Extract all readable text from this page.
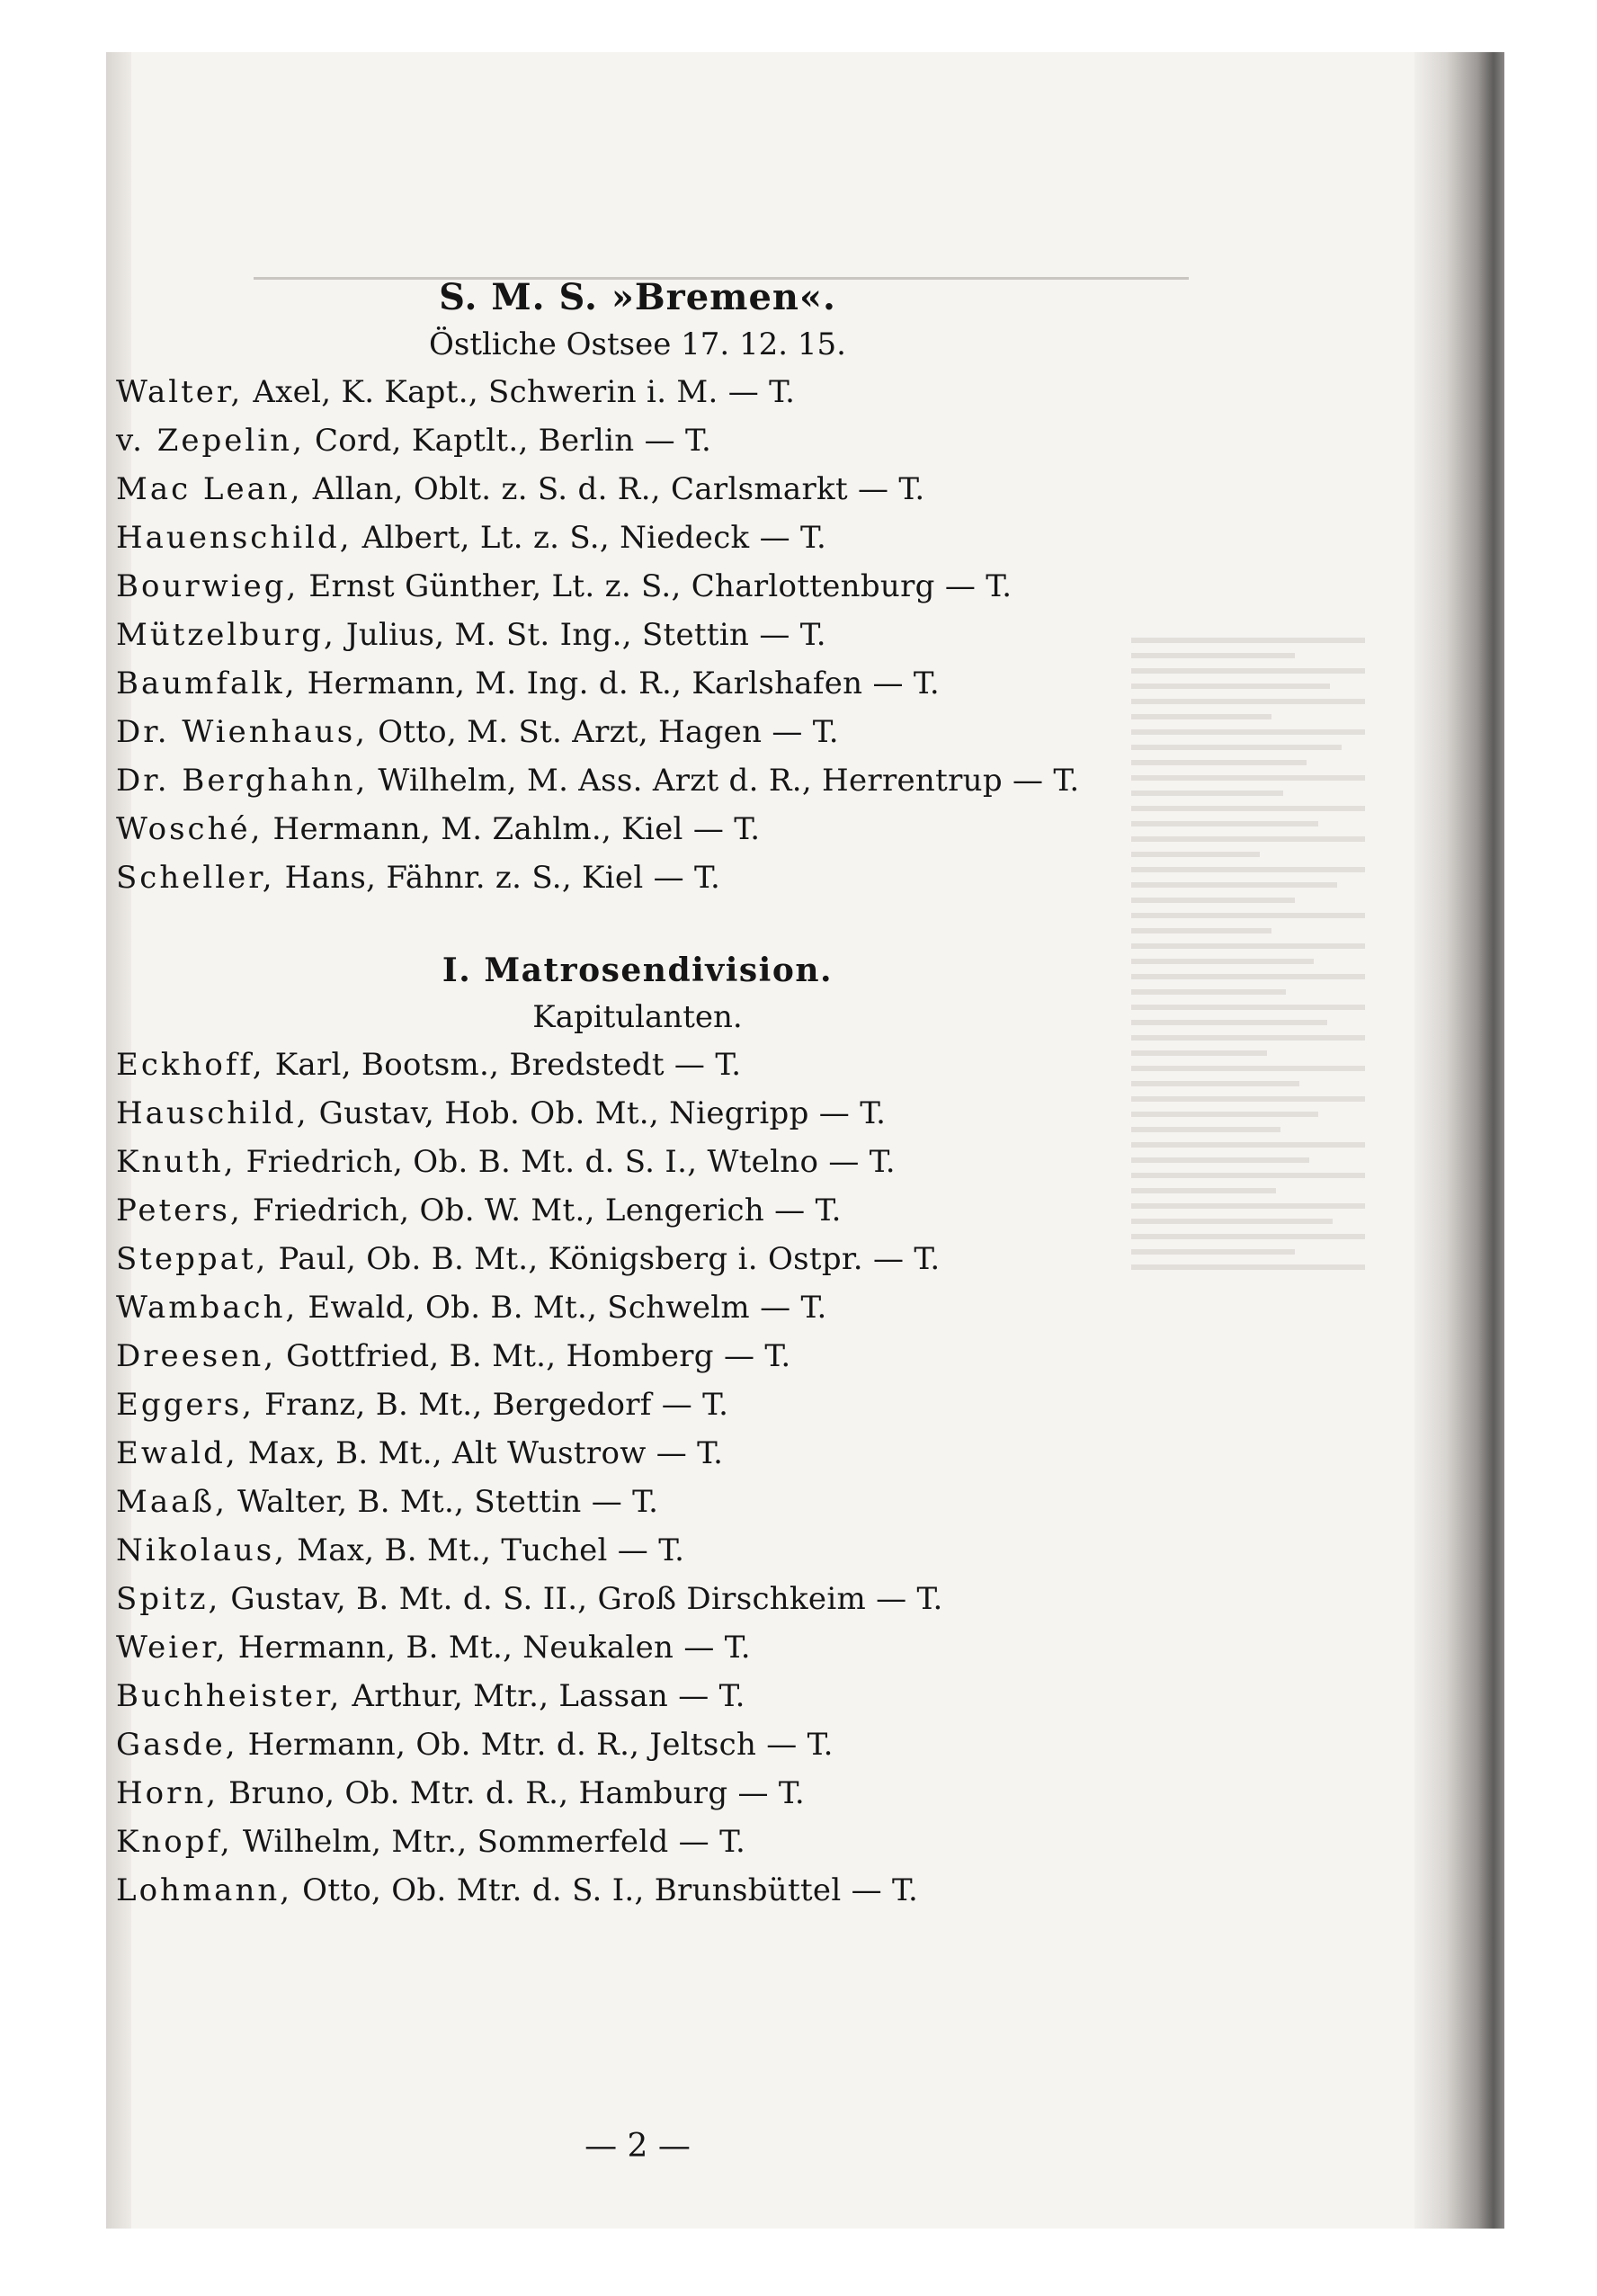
S. M. S. »Bremen«.

Östliche Ostsee 17. 12. 15.

Walter, Axel, K. Kapt., Schwerin i. M. — T.
v. Zepelin, Cord, Kaptlt., Berlin — T.
Mac Lean, Allan, Oblt. z. S. d. R., Carlsmarkt — T.
Hauenschild, Albert, Lt. z. S., Niedeck — T.
Bourwieg, Ernst Günther, Lt. z. S., Charlottenburg — T.
Mützelburg, Julius, M. St. Ing., Stettin — T.
Baumfalk, Hermann, M. Ing. d. R., Karlshafen — T.
Dr. Wienhaus, Otto, M. St. Arzt, Hagen — T.
Dr. Berghahn, Wilhelm, M. Ass. Arzt d. R., Herrentrup — T.
Wosché, Hermann, M. Zahlm., Kiel — T.
Scheller, Hans, Fähnr. z. S., Kiel — T.
I. Matrosendivision.

Kapitulanten.

Eckhoff, Karl, Bootsm., Bredstedt — T.
Hauschild, Gustav, Hob. Ob. Mt., Niegripp — T.
Knuth, Friedrich, Ob. B. Mt. d. S. I., Wtelno — T.
Peters, Friedrich, Ob. W. Mt., Lengerich — T.
Steppat, Paul, Ob. B. Mt., Königsberg i. Ostpr. — T.
Wambach, Ewald, Ob. B. Mt., Schwelm — T.
Dreesen, Gottfried, B. Mt., Homberg — T.
Eggers, Franz, B. Mt., Bergedorf — T.
Ewald, Max, B. Mt., Alt Wustrow — T.
Maaß, Walter, B. Mt., Stettin — T.
Nikolaus, Max, B. Mt., Tuchel — T.
Spitz, Gustav, B. Mt. d. S. II., Groß Dirschkeim — T.
Weier, Hermann, B. Mt., Neukalen — T.
Buchheister, Arthur, Mtr., Lassan — T.
Gasde, Hermann, Ob. Mtr. d. R., Jeltsch — T.
Horn, Bruno, Ob. Mtr. d. R., Hamburg — T.
Knopf, Wilhelm, Mtr., Sommerfeld — T.
Lohmann, Otto, Ob. Mtr. d. S. I., Brunsbüttel — T.
— 2 —
